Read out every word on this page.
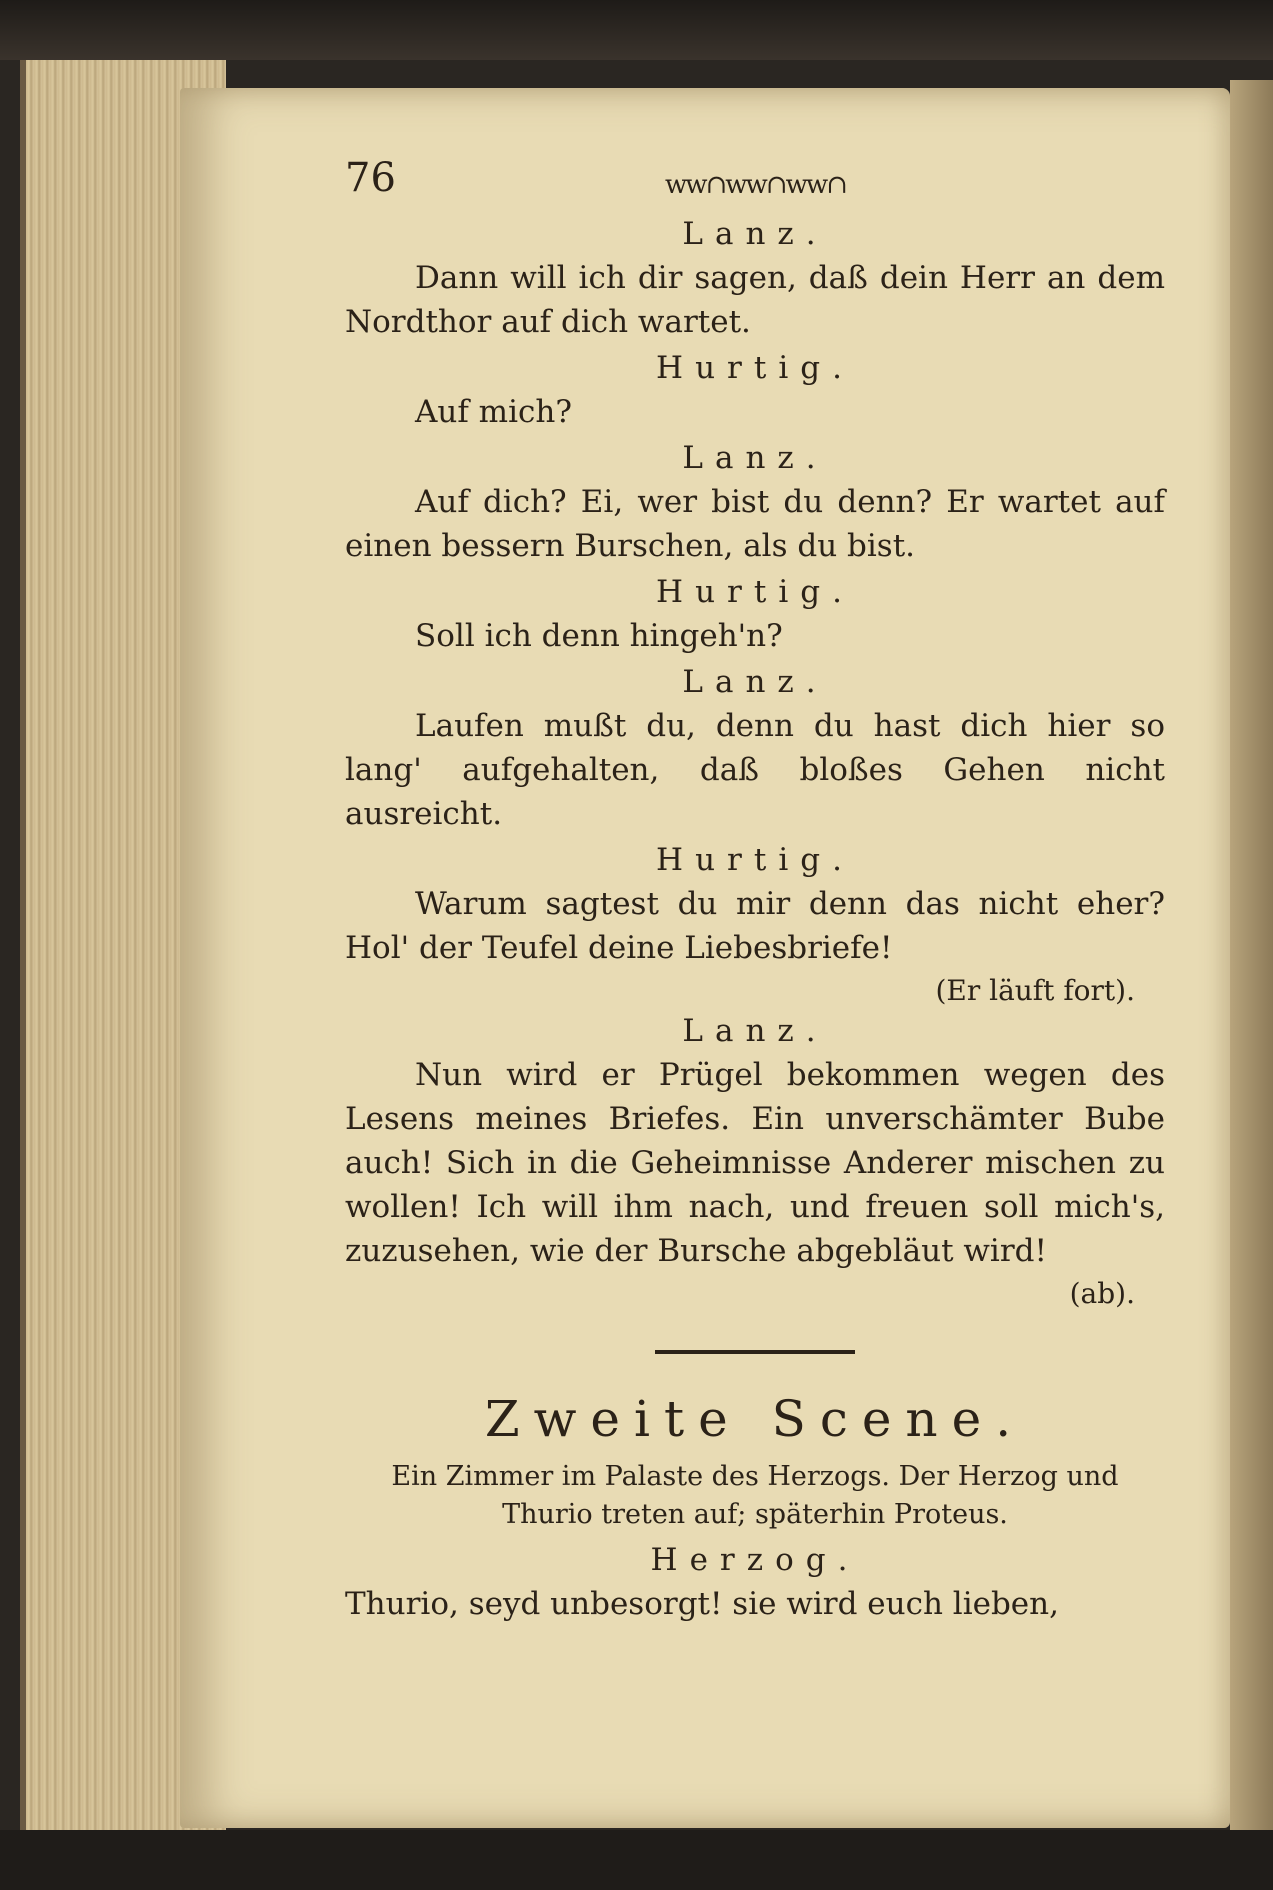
76	ww∩ww∩ww∩
Lanz.

Dann will ich dir sagen, daß dein Herr an dem Nordthor auf dich wartet.

Hurtig.

Auf mich?

Lanz.

Auf dich? Ei, wer bist du denn? Er wartet auf einen bessern Burschen, als du bist.

Hurtig.

Soll ich denn hingeh'n?

Lanz.

Laufen mußt du, denn du hast dich hier so lang' aufgehalten, daß bloßes Gehen nicht ausreicht.

Hurtig.

Warum sagtest du mir denn das nicht eher? Hol' der Teufel deine Liebesbriefe!

(Er läuft fort).
Lanz.

Nun wird er Prügel bekommen wegen des Lesens meines Briefes. Ein unverschämter Bube auch! Sich in die Geheimnisse Anderer mischen zu wollen! Ich will ihm nach, und freuen soll mich's, zuzusehen, wie der Bursche abgebläut wird!

(ab).
Zweite Scene.
Ein Zimmer im Palaste des Herzogs. Der Herzog und
Thurio treten auf; späterhin Proteus.
Herzog.

Thurio, seyd unbesorgt! sie wird euch lieben,
